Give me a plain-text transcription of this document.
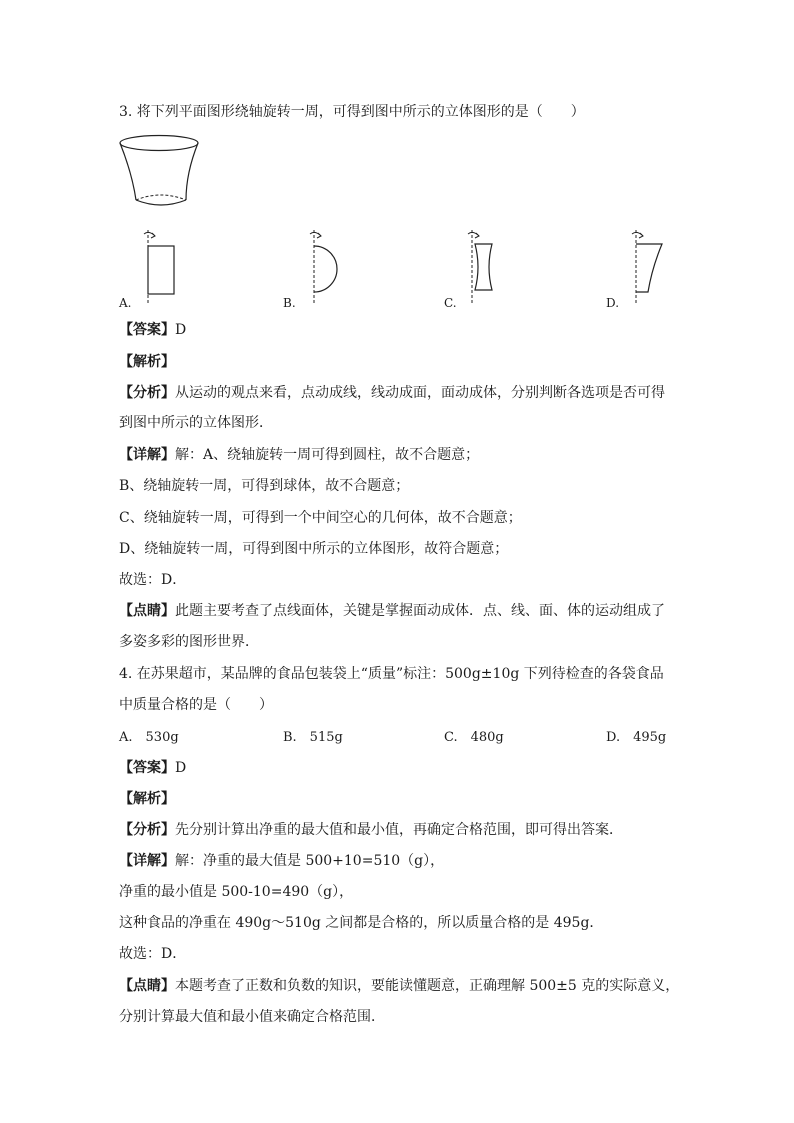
3. 将下列平面图形绕轴旋转一周，可得到图中所示的立体图形的是（　　）
A.	B.	C.	D.
【答案】D
【解析】
【分析】从运动的观点来看，点动成线，线动成面，面动成体，分别判断各选项是否可得
到图中所示的立体图形．
【详解】解：A、绕轴旋转一周可得到圆柱，故不合题意；
B、绕轴旋转一周，可得到球体，故不合题意；
C、绕轴旋转一周，可得到一个中间空心的几何体，故不合题意；
D、绕轴旋转一周，可得到图中所示的立体图形，故符合题意；
故选：D．
【点睛】此题主要考查了点线面体，关键是掌握面动成体．点、线、面、体的运动组成了
多姿多彩的图形世界．
4. 在苏果超市，某品牌的食品包装袋上“质量”标注：500g±10g 下列待检查的各袋食品
中质量合格的是（　　）
A.　530g	B.　515g	C.　480g	D.　495g
【答案】D
【解析】
【分析】先分别计算出净重的最大值和最小值，再确定合格范围，即可得出答案．
【详解】解：净重的最大值是 500+10=510（g），
净重的最小值是 500-10=490（g），
这种食品的净重在 490g～510g 之间都是合格的，所以质量合格的是 495g．
故选：D．
【点睛】本题考查了正数和负数的知识，要能读懂题意，正确理解 500±5 克的实际意义，
分别计算最大值和最小值来确定合格范围．
